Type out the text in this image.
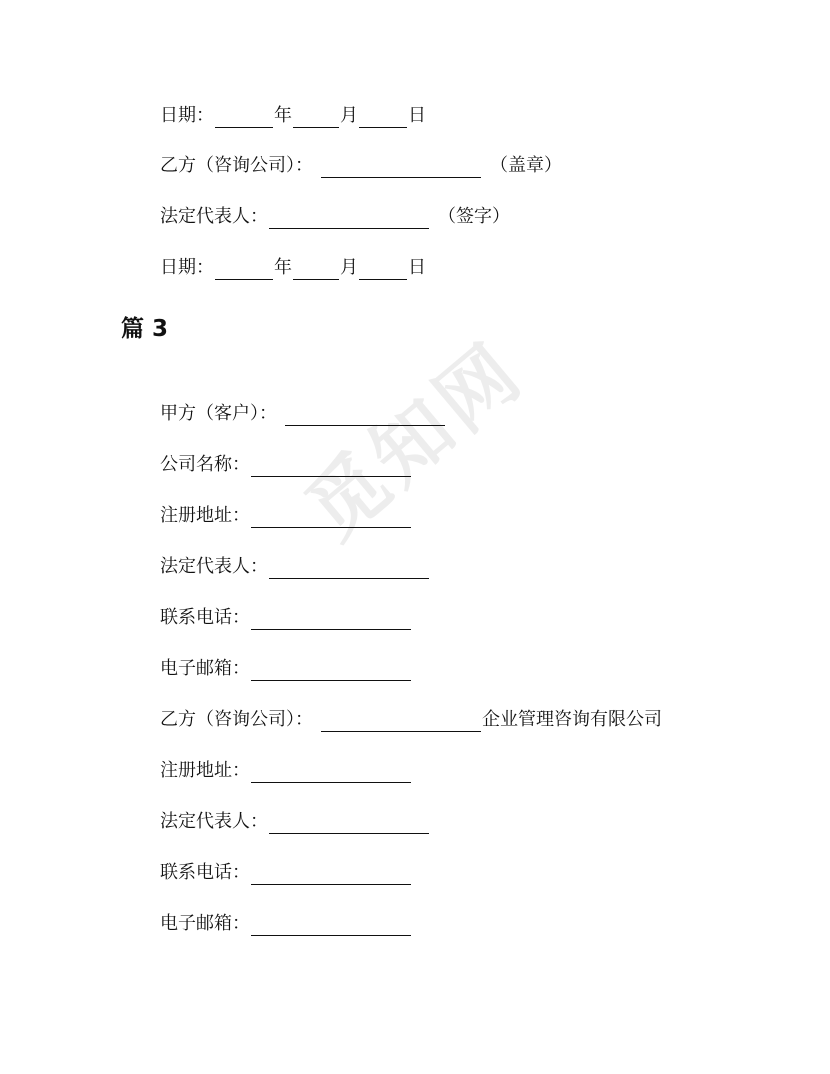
觅知网
日期：	年	月	日
乙方（咨询公司）：	（盖章）
法定代表人：	（签字）
日期：	年	月	日
篇 3
甲方（客户）：
公司名称：
注册地址：
法定代表人：
联系电话：
电子邮箱：
乙方（咨询公司）：	企业管理咨询有限公司
注册地址：
法定代表人：
联系电话：
电子邮箱：
